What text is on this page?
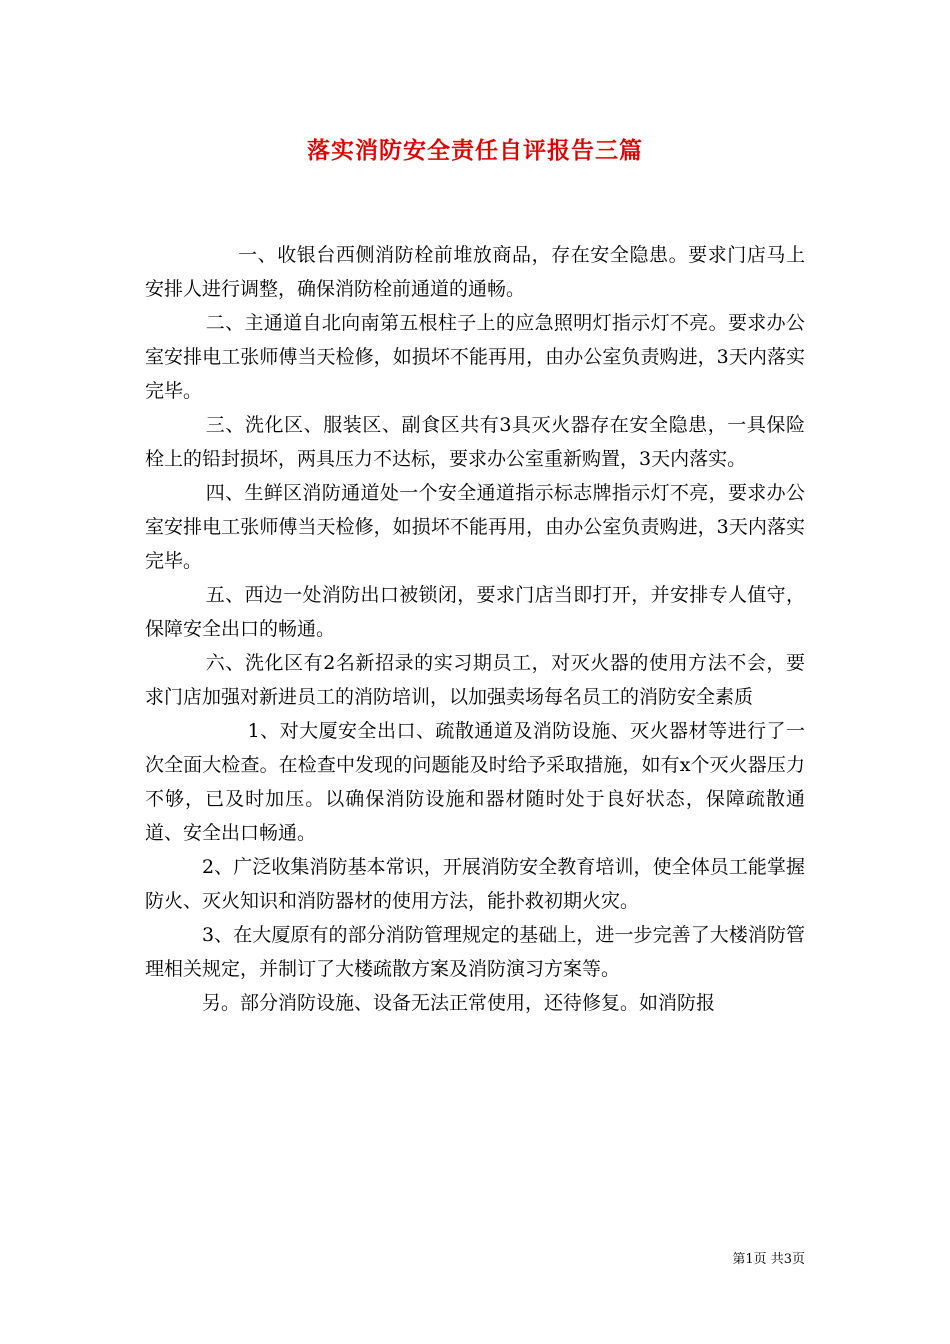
落实消防安全责任自评报告三篇

一、收银台西侧消防栓前堆放商品，存在安全隐患。要求门店马上安排人进行调整，确保消防栓前通道的通畅。

二、主通道自北向南第五根柱子上的应急照明灯指示灯不亮。要求办公室安排电工张师傅当天检修，如损坏不能再用，由办公室负责购进，3天内落实完毕。

三、洗化区、服装区、副食区共有3具灭火器存在安全隐患，一具保险栓上的铅封损坏，两具压力不达标，要求办公室重新购置，3天内落实。

四、生鲜区消防通道处一个安全通道指示标志牌指示灯不亮，要求办公室安排电工张师傅当天检修，如损坏不能再用，由办公室负责购进，3天内落实完毕。

五、西边一处消防出口被锁闭，要求门店当即打开，并安排专人值守，保障安全出口的畅通。

六、洗化区有2名新招录的实习期员工，对灭火器的使用方法不会，要求门店加强对新进员工的消防培训，以加强卖场每名员工的消防安全素质

1、对大厦安全出口、疏散通道及消防设施、灭火器材等进行了一次全面大检查。在检查中发现的问题能及时给予采取措施，如有x个灭火器压力不够，已及时加压。以确保消防设施和器材随时处于良好状态，保障疏散通道、安全出口畅通。

2、广泛收集消防基本常识，开展消防安全教育培训，使全体员工能掌握防火、灭火知识和消防器材的使用方法，能扑救初期火灾。

3、在大厦原有的部分消防管理规定的基础上，进一步完善了大楼消防管理相关规定，并制订了大楼疏散方案及消防演习方案等。

另。部分消防设施、设备无法正常使用，还待修复。如消防报

第1页 共3页
